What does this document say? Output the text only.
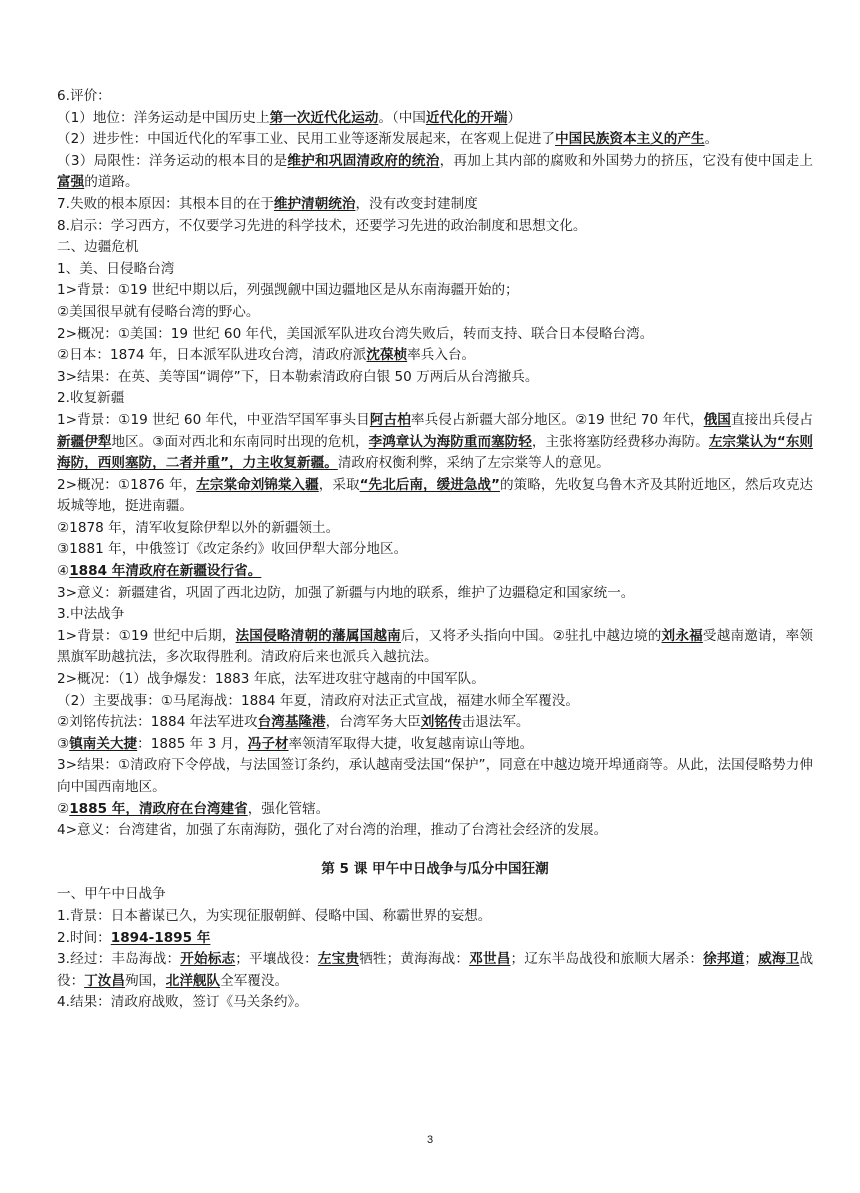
6.评价：

（1）地位：洋务运动是中国历史上第一次近代化运动。（中国近代化的开端）

（2）进步性：中国近代化的军事工业、民用工业等逐渐发展起来，在客观上促进了中国民族资本主义的产生。

（3）局限性：洋务运动的根本目的是维护和巩固清政府的统治，再加上其内部的腐败和外国势力的挤压，它没有使中国走上富强的道路。

7.失败的根本原因：其根本目的在于维护清朝统治，没有改变封建制度

8.启示：学习西方，不仅要学习先进的科学技术，还要学习先进的政治制度和思想文化。

二、边疆危机

1、美、日侵略台湾

1>背景：①19 世纪中期以后，列强觊觎中国边疆地区是从东南海疆开始的；

②美国很早就有侵略台湾的野心。

2>概况：①美国：19 世纪 60 年代，美国派军队进攻台湾失败后，转而支持、联合日本侵略台湾。

②日本：1874 年，日本派军队进攻台湾，清政府派沈葆桢率兵入台。

3>结果：在英、美等国“调停”下，日本勒索清政府白银 50 万两后从台湾撤兵。

2.收复新疆

1>背景：①19 世纪 60 年代，中亚浩罕国军事头目阿古柏率兵侵占新疆大部分地区。②19 世纪 70 年代，俄国直接出兵侵占新疆伊犁地区。③面对西北和东南同时出现的危机，李鸿章认为海防重而塞防轻，主张将塞防经费移办海防。左宗棠认为“东则海防，西则塞防，二者并重”，力主收复新疆。清政府权衡利弊，采纳了左宗棠等人的意见。

2>概况：①1876 年，左宗棠命刘锦棠入疆，采取“先北后南，缓进急战”的策略，先收复乌鲁木齐及其附近地区，然后攻克达坂城等地，挺进南疆。

②1878 年，清军收复除伊犁以外的新疆领土。

③1881 年，中俄签订《改定条约》收回伊犁大部分地区。

④1884 年清政府在新疆设行省。

3>意义：新疆建省，巩固了西北边防，加强了新疆与内地的联系，维护了边疆稳定和国家统一。

3.中法战争

1>背景：①19 世纪中后期，法国侵略清朝的藩属国越南后，又将矛头指向中国。②驻扎中越边境的刘永福受越南邀请，率领黑旗军助越抗法，多次取得胜利。清政府后来也派兵入越抗法。

2>概况：（1）战争爆发：1883 年底，法军进攻驻守越南的中国军队。

（2）主要战事：①马尾海战：1884 年夏，清政府对法正式宣战，福建水师全军覆没。

②刘铭传抗法：1884 年法军进攻台湾基隆港，台湾军务大臣刘铭传击退法军。

③镇南关大捷：1885 年 3 月，冯子材率领清军取得大捷，收复越南谅山等地。

3>结果：①清政府下令停战，与法国签订条约，承认越南受法国“保护”，同意在中越边境开埠通商等。从此，法国侵略势力伸向中国西南地区。

②1885 年，清政府在台湾建省，强化管辖。

4>意义：台湾建省，加强了东南海防，强化了对台湾的治理，推动了台湾社会经济的发展。

第 5 课 甲午中日战争与瓜分中国狂潮

一、甲午中日战争

1.背景：日本蓄谋已久，为实现征服朝鲜、侵略中国、称霸世界的妄想。

2.时间：1894-1895 年

3.经过：丰岛海战：开始标志；平壤战役：左宝贵牺牲；黄海海战：邓世昌；辽东半岛战役和旅顺大屠杀：徐邦道；威海卫战役：丁汝昌殉国，北洋舰队全军覆没。

4.结果：清政府战败，签订《马关条约》。

3
